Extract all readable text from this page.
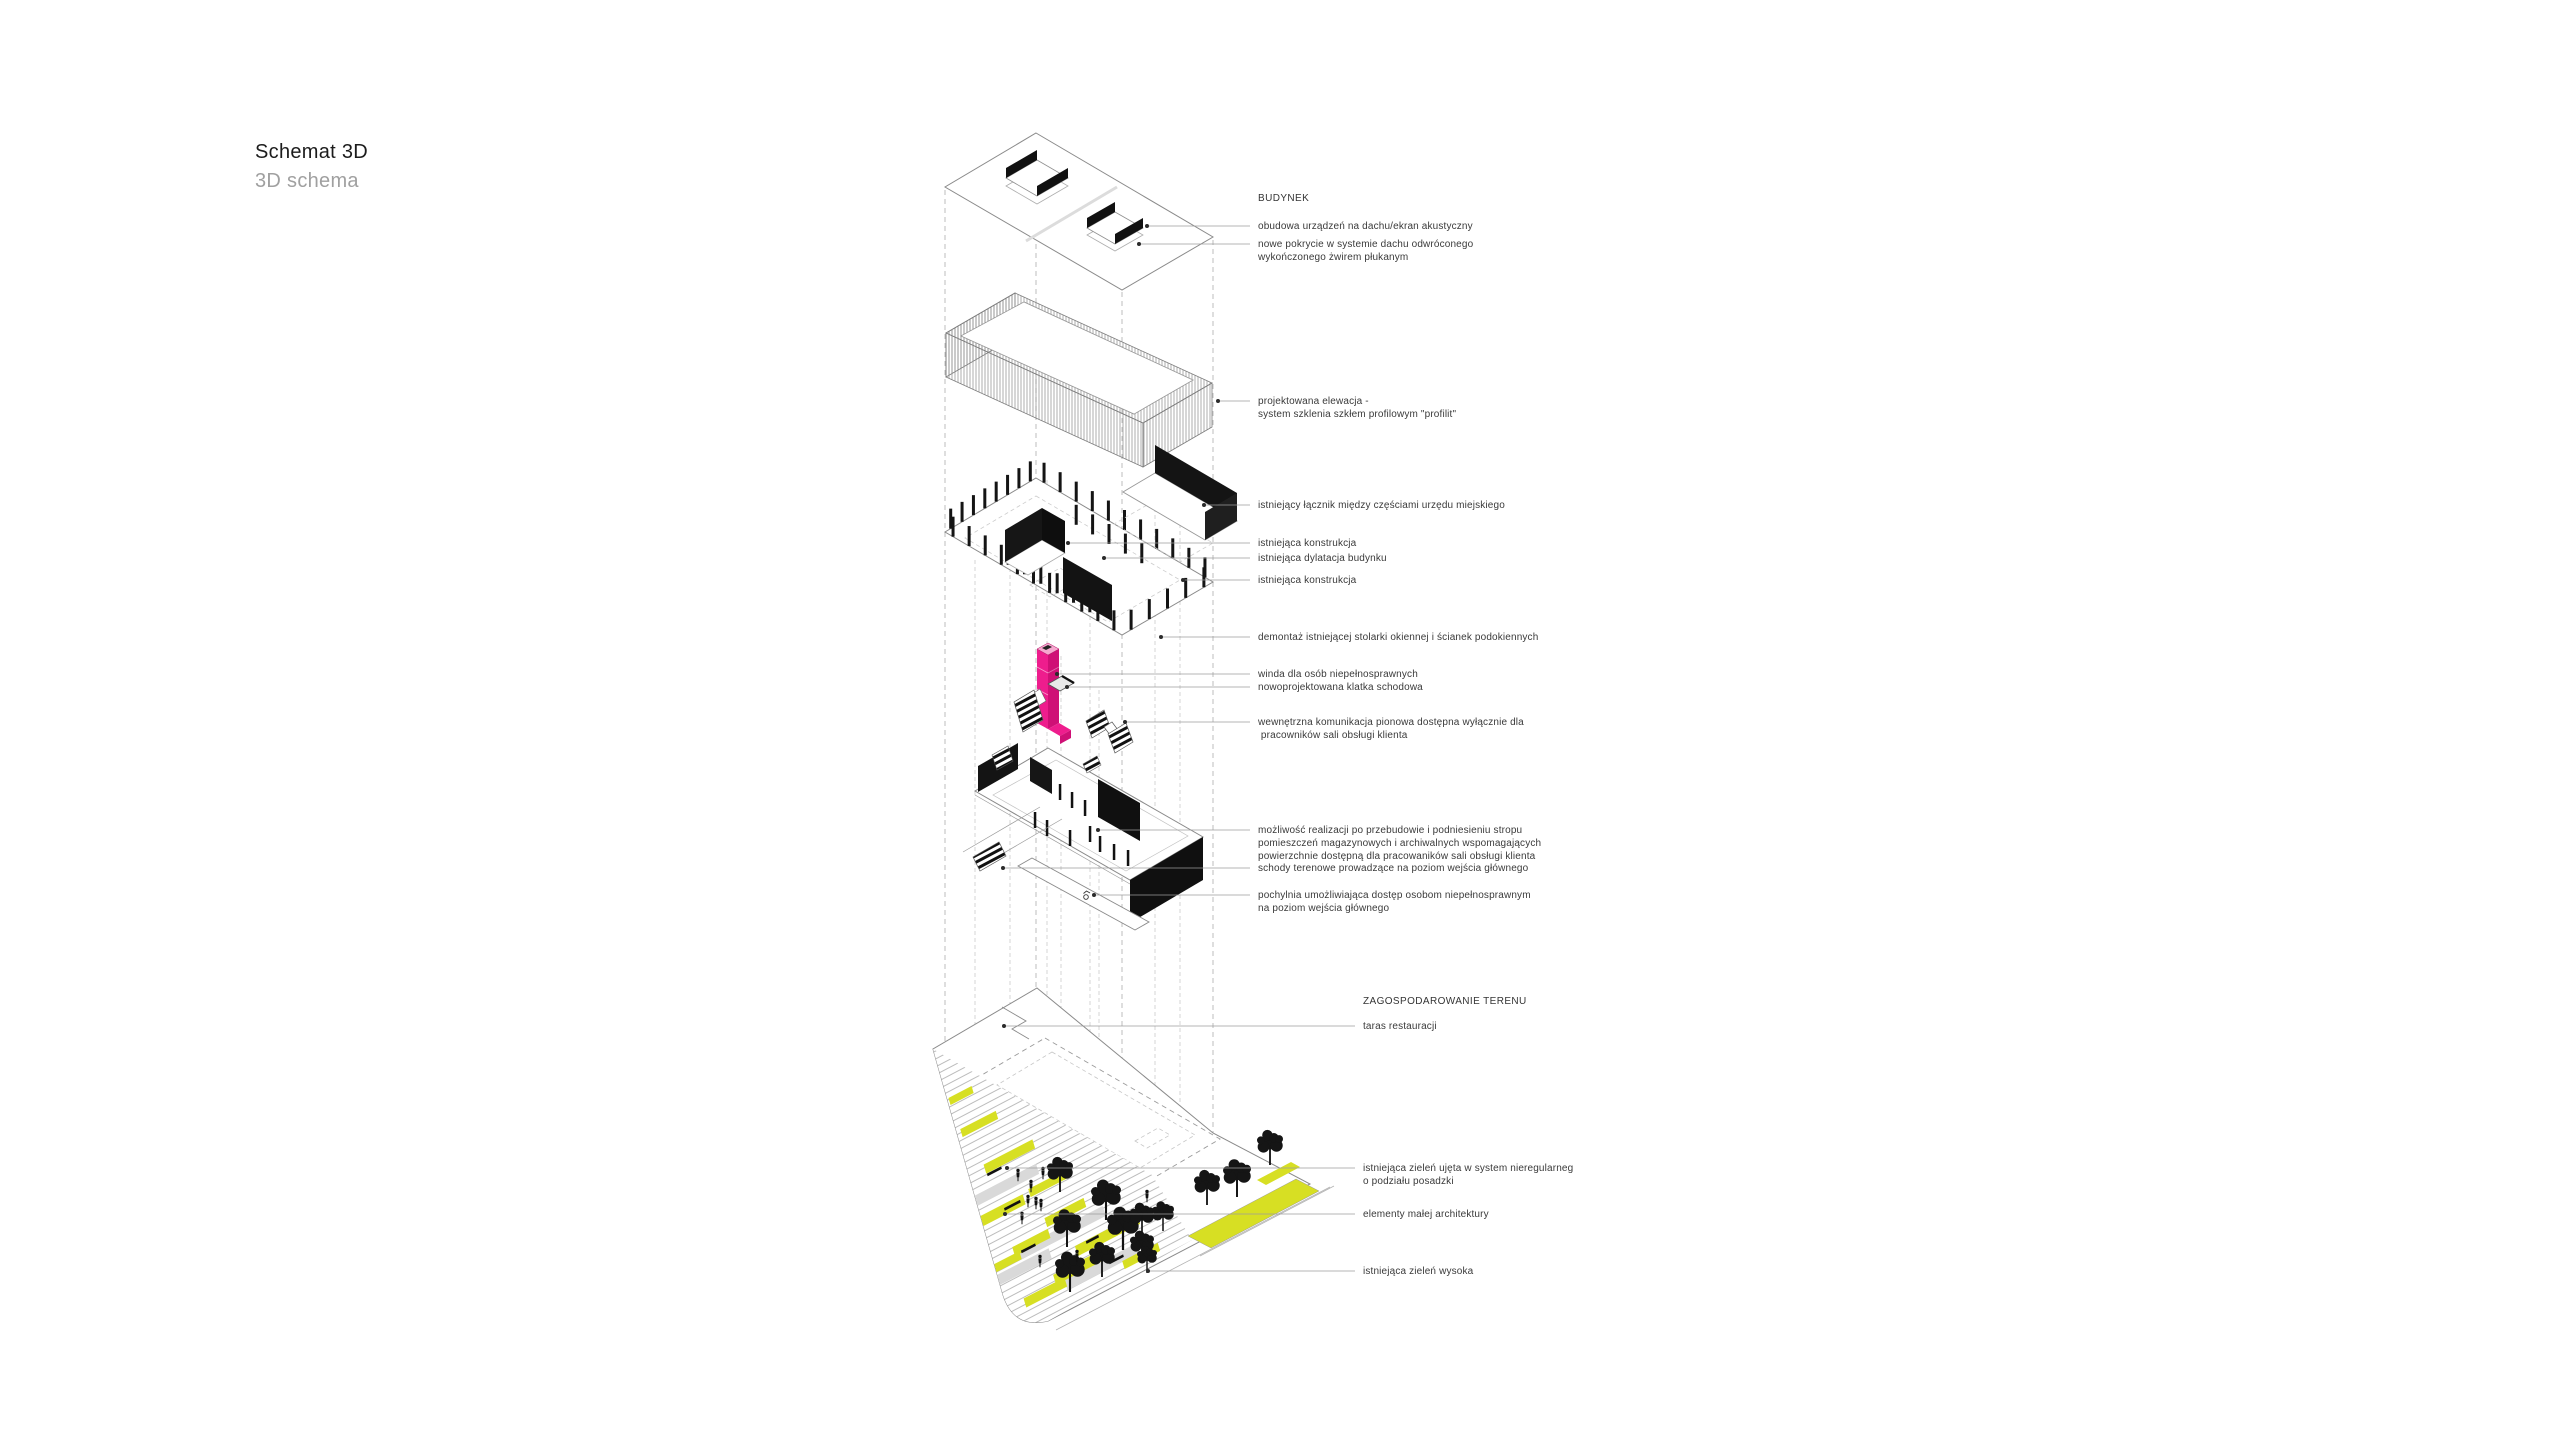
Schemat 3D
3D schema
BUDYNEK
obudowa urządzeń na dachu/ekran akustyczny
nowe pokrycie w systemie dachu odwróconego
wykończonego żwirem płukanym
projektowana elewacja -
system szklenia szkłem profilowym "profilit"
istniejący łącznik między częściami urzędu miejskiego
istniejąca konstrukcja
istniejąca dylatacja budynku
istniejąca konstrukcja
demontaż istniejącej stolarki okiennej i ścianek podokiennych
winda dla osób niepełnosprawnych
nowoprojektowana klatka schodowa
wewnętrzna komunikacja pionowa dostępna wyłącznie dla
pracowników sali obsługi klienta
możliwość realizacji po przebudowie i podniesieniu stropu
pomieszczeń magazynowych i archiwalnych wspomagających
powierzchnie dostępną dla pracowaników sali obsługi klienta
schody terenowe prowadzące na poziom wejścia głównego
pochylnia umożliwiająca dostęp osobom niepełnosprawnym
na poziom wejścia głównego
ZAGOSPODAROWANIE TERENU
taras restauracji
istniejąca zieleń ujęta w system nieregularneg
o podziału posadzki
elementy małej architektury
istniejąca zieleń wysoka
